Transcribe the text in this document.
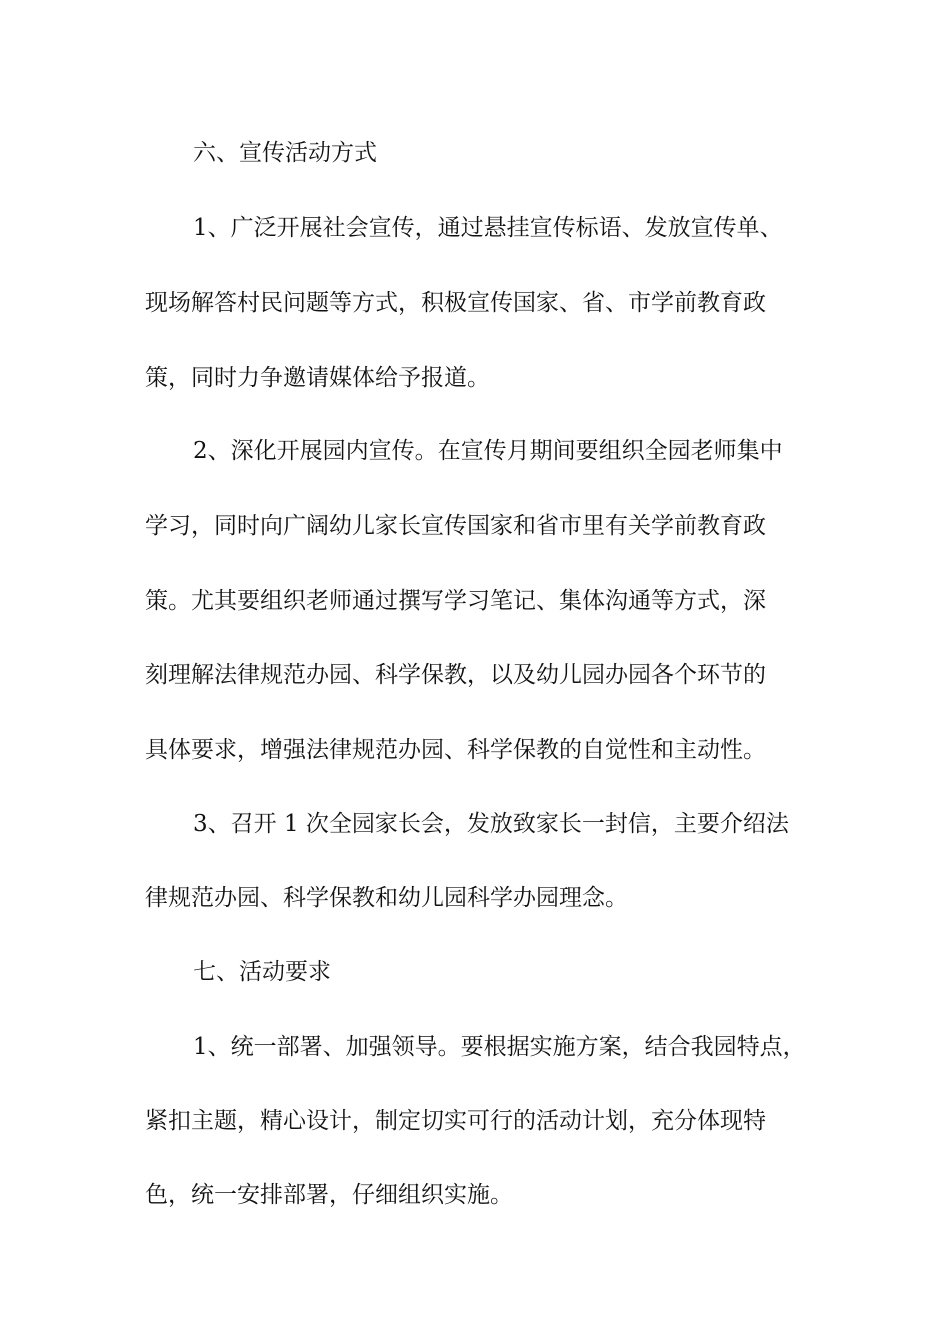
六、宣传活动方式

1、广泛开展社会宣传，通过悬挂宣传标语、发放宣传单、

现场解答村民问题等方式，积极宣传国家、省、市学前教育政

策，同时力争邀请媒体给予报道。

2、深化开展园内宣传。在宣传月期间要组织全园老师集中

学习，同时向广阔幼儿家长宣传国家和省市里有关学前教育政

策。尤其要组织老师通过撰写学习笔记、集体沟通等方式，深

刻理解法律规范办园、科学保教，以及幼儿园办园各个环节的

具体要求，增强法律规范办园、科学保教的自觉性和主动性。

3、召开 1 次全园家长会，发放致家长一封信，主要介绍法

律规范办园、科学保教和幼儿园科学办园理念。

七、活动要求

1、统一部署、加强领导。要根据实施方案，结合我园特点，

紧扣主题，精心设计，制定切实可行的活动计划，充分体现特

色，统一安排部署，仔细组织实施。
